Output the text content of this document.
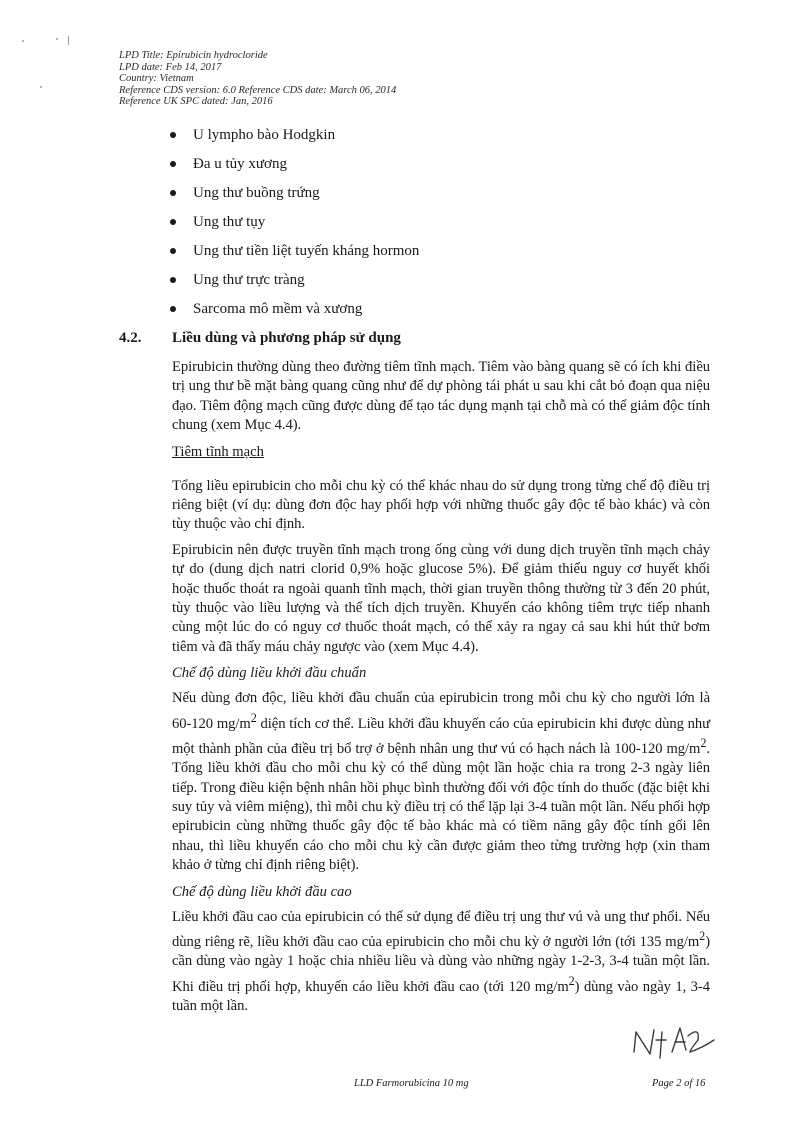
LPD Title: Epirubicin hydrocloride
LPD date: Feb 14, 2017
Country: Vietnam
Reference CDS version: 6.0 Reference CDS date: March 06, 2014
Reference UK SPC dated: Jan, 2016
U lympho bào Hodgkin
Đa u tủy xương
Ung thư buồng trứng
Ung thư tụy
Ung thư tiền liệt tuyến kháng hormon
Ung thư trực tràng
Sarcoma mô mềm và xương
4.2. Liều dùng và phương pháp sử dụng

Epirubicin thường dùng theo đường tiêm tĩnh mạch. Tiêm vào bàng quang sẽ có ích khi điều trị ung thư bề mặt bàng quang cũng như để dự phòng tái phát u sau khi cắt bỏ đoạn qua niệu đạo. Tiêm động mạch cũng được dùng để tạo tác dụng mạnh tại chỗ mà có thể giảm độc tính chung (xem Mục 4.4).

Tiêm tĩnh mạch

Tổng liều epirubicin cho mỗi chu kỳ có thể khác nhau do sử dụng trong từng chế độ điều trị riêng biệt (ví dụ: dùng đơn độc hay phối hợp với những thuốc gây độc tế bào khác) và còn tùy thuộc vào chỉ định.

Epirubicin nên được truyền tĩnh mạch trong ống cùng với dung dịch truyền tĩnh mạch chảy tự do (dung dịch natri clorid 0,9% hoặc glucose 5%). Để giảm thiểu nguy cơ huyết khối hoặc thuốc thoát ra ngoài quanh tĩnh mạch, thời gian truyền thông thường từ 3 đến 20 phút, tùy thuộc vào liều lượng và thể tích dịch truyền. Khuyến cáo không tiêm trực tiếp nhanh cùng một lúc do có nguy cơ thuốc thoát mạch, có thể xảy ra ngay cả sau khi hút thử bơm tiêm và đã thấy máu chảy ngược vào (xem Mục 4.4).

Chế độ dùng liều khởi đầu chuẩn

Nếu dùng đơn độc, liều khởi đầu chuẩn của epirubicin trong mỗi chu kỳ cho người lớn là 60-120 $mg/m^2$ diện tích cơ thể. Liều khởi đầu khuyến cáo của epirubicin khi được dùng như một thành phần của điều trị bổ trợ ở bệnh nhân ung thư vú có hạch nách là 100-120 $mg/m^2$. Tổng liều khởi đầu cho mỗi chu kỳ có thể dùng một lần hoặc chia ra trong 2-3 ngày liên tiếp. Trong điều kiện bệnh nhân hồi phục bình thường đối với độc tính do thuốc (đặc biệt khi suy tủy và viêm miệng), thì mỗi chu kỳ điều trị có thể lặp lại 3-4 tuần một lần. Nếu phối hợp epirubicin cùng những thuốc gây độc tế bào khác mà có tiềm năng gây độc tính gối lên nhau, thì liều khuyến cáo cho mỗi chu kỳ cần được giảm theo từng trường hợp (xin tham khảo ở từng chỉ định riêng biệt).

Chế độ dùng liều khởi đầu cao

Liều khởi đầu cao của epirubicin có thể sử dụng để điều trị ung thư vú và ung thư phổi. Nếu dùng riêng rẽ, liều khởi đầu cao của epirubicin cho mỗi chu kỳ ở người lớn (tới 135 $mg/m^2$) cần dùng vào ngày 1 hoặc chia nhiều liều và dùng vào những ngày 1-2-3, 3-4 tuần một lần. Khi điều trị phối hợp, khuyến cáo liều khởi đầu cao (tới 120 $mg/m^2$) dùng vào ngày 1, 3-4 tuần một lần.

LLD Farmorubicina 10 mg	Page 2 of 16
